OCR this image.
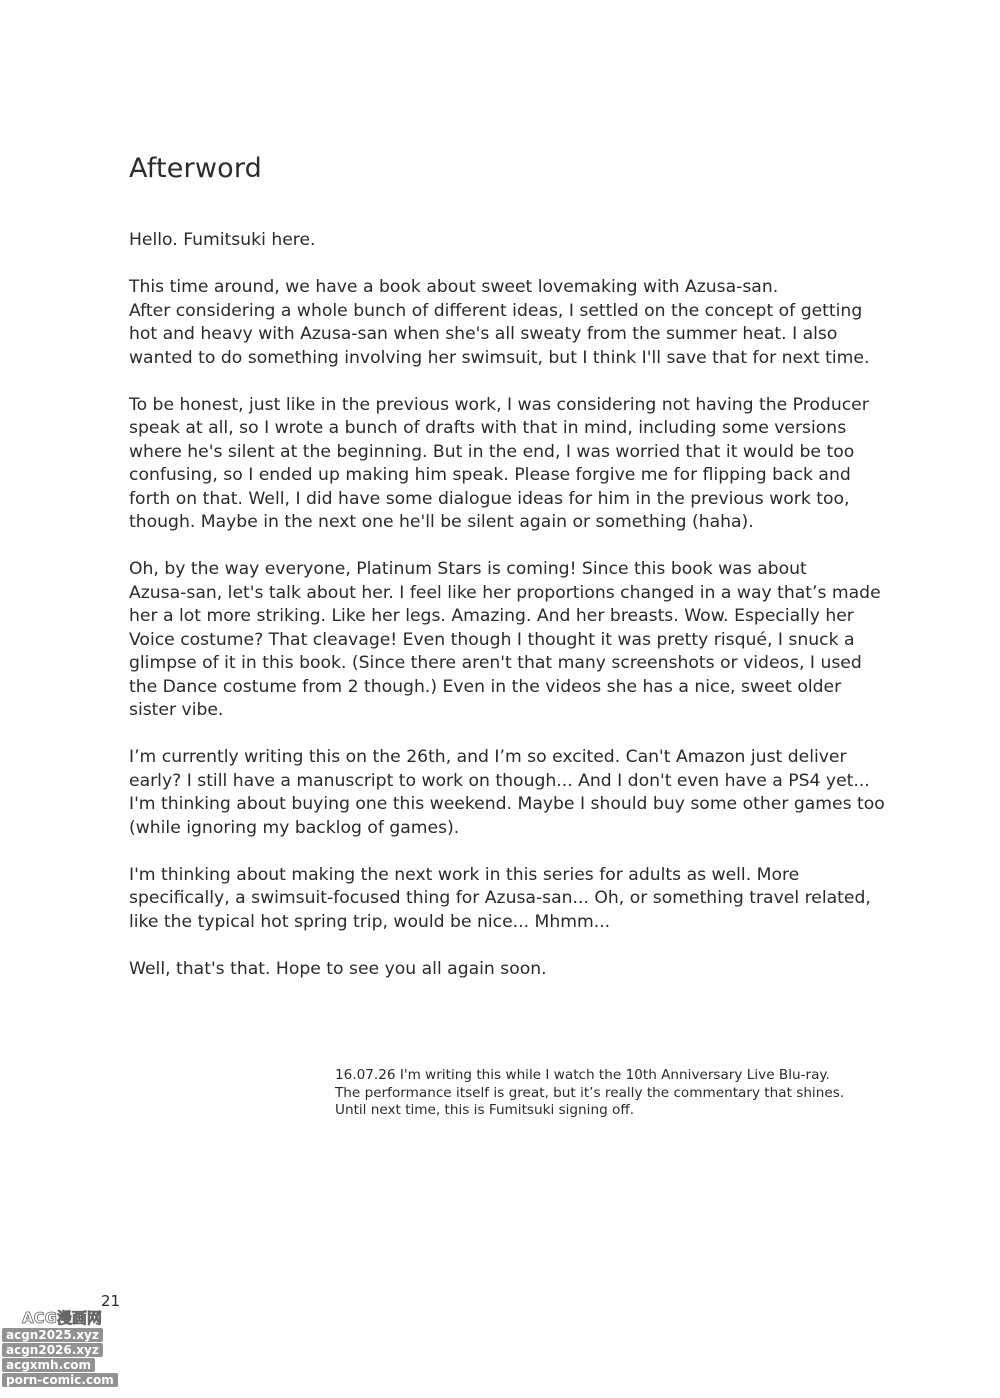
Afterword

Hello. Fumitsuki here.

This time around, we have a book about sweet lovemaking with Azusa-san.
After considering a whole bunch of different ideas, I settled on the concept of getting
hot and heavy with Azusa-san when she's all sweaty from the summer heat. I also
wanted to do something involving her swimsuit, but I think I'll save that for next time.

To be honest, just like in the previous work, I was considering not having the Producer
speak at all, so I wrote a bunch of drafts with that in mind, including some versions
where he's silent at the beginning. But in the end, I was worried that it would be too
confusing, so I ended up making him speak. Please forgive me for flipping back and
forth on that. Well, I did have some dialogue ideas for him in the previous work too,
though. Maybe in the next one he'll be silent again or something (haha).

Oh, by the way everyone, Platinum Stars is coming! Since this book was about
Azusa-san, let's talk about her. I feel like her proportions changed in a way that’s made
her a lot more striking. Like her legs. Amazing. And her breasts. Wow. Especially her
Voice costume? That cleavage! Even though I thought it was pretty risqué, I snuck a
glimpse of it in this book. (Since there aren't that many screenshots or videos, I used
the Dance costume from 2 though.) Even in the videos she has a nice, sweet older
sister vibe.

I’m currently writing this on the 26th, and I’m so excited. Can't Amazon just deliver
early? I still have a manuscript to work on though... And I don't even have a PS4 yet...
I'm thinking about buying one this weekend. Maybe I should buy some other games too
(while ignoring my backlog of games).

I'm thinking about making the next work in this series for adults as well. More
specifically, a swimsuit-focused thing for Azusa-san... Oh, or something travel related,
like the typical hot spring trip, would be nice... Mhmm...

Well, that's that. Hope to see you all again soon.

16.07.26 I'm writing this while I watch the 10th Anniversary Live Blu-ray.
The performance itself is great, but it’s really the commentary that shines.
Until next time, this is Fumitsuki signing off.
21
ACG漫画网
acgn2025.xyz
acgn2026.xyz
acgxmh.com
porn-comic.com
